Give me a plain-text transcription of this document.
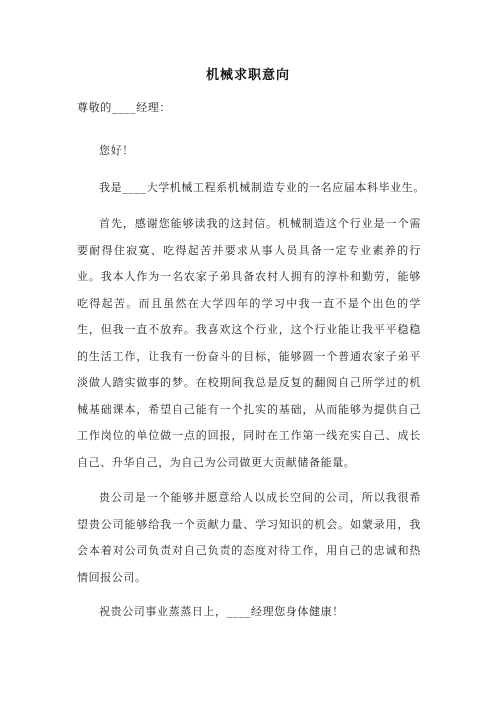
机械求职意向
尊敬的____经理：
您好！
我是____大学机械工程系机械制造专业的一名应届本科毕业生。

首先，感谢您能够读我的这封信。机械制造这个行业是一个需要耐得住寂寞、吃得起苦并要求从事人员具备一定专业素养的行业。我本人作为一名农家子弟具备农村人拥有的淳朴和勤劳，能够吃得起苦。而且虽然在大学四年的学习中我一直不是个出色的学生，但我一直不放弃。我喜欢这个行业，这个行业能让我平平稳稳的生活工作，让我有一份奋斗的目标，能够圆一个普通农家子弟平淡做人踏实做事的梦。在校期间我总是反复的翻阅自己所学过的机械基础课本，希望自己能有一个扎实的基础，从而能够为提供自己工作岗位的单位做一点的回报，同时在工作第一线充实自己、成长自己、升华自己，为自己为公司做更大贡献储备能量。

贵公司是一个能够并愿意给人以成长空间的公司，所以我很希望贵公司能够给我一个贡献力量、学习知识的机会。如蒙录用，我会本着对公司负责对自己负责的态度对待工作，用自己的忠诚和热情回报公司。

祝贵公司事业蒸蒸日上，____经理您身体健康！
